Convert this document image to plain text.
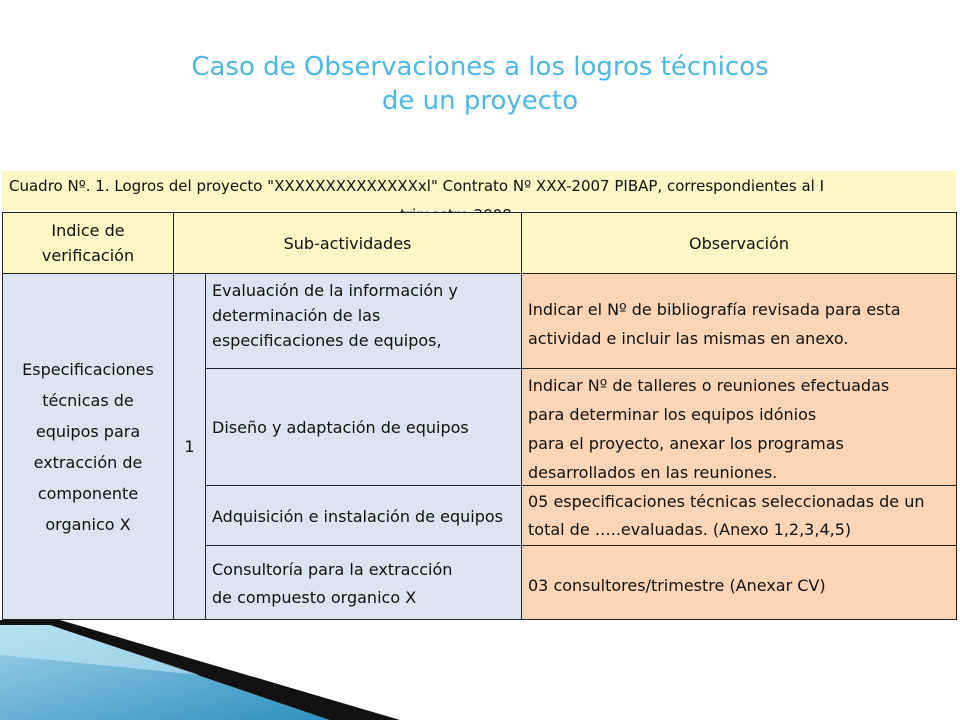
Caso de Observaciones a los logros técnicos
de un proyecto
Cuadro Nº. 1. Logros del proyecto "XXXXXXXXXXXXXXxl" Contrato Nº XXX-2007 PIBAP, correspondientes al I
Indice de
verificación
Sub-actividades	Observación
Especificaciones
técnicas de
equipos para
extracción de
componente
organico X
1
Evaluación de la información y
determinación de las
especificaciones de equipos,
Indicar el Nº de bibliografía revisada para esta
actividad e incluir las mismas en anexo.
Diseño y adaptación de equipos
Indicar Nº de talleres o reuniones efectuadas
para determinar los equipos idónios
para el proyecto, anexar los programas
desarrollados en las reuniones.
Adquisición e instalación de equipos
05 especificaciones técnicas seleccionadas de un
total de …..evaluadas. (Anexo 1,2,3,4,5)
Consultoría para la extracción
de compuesto organico X
03 consultores/trimestre (Anexar CV)
